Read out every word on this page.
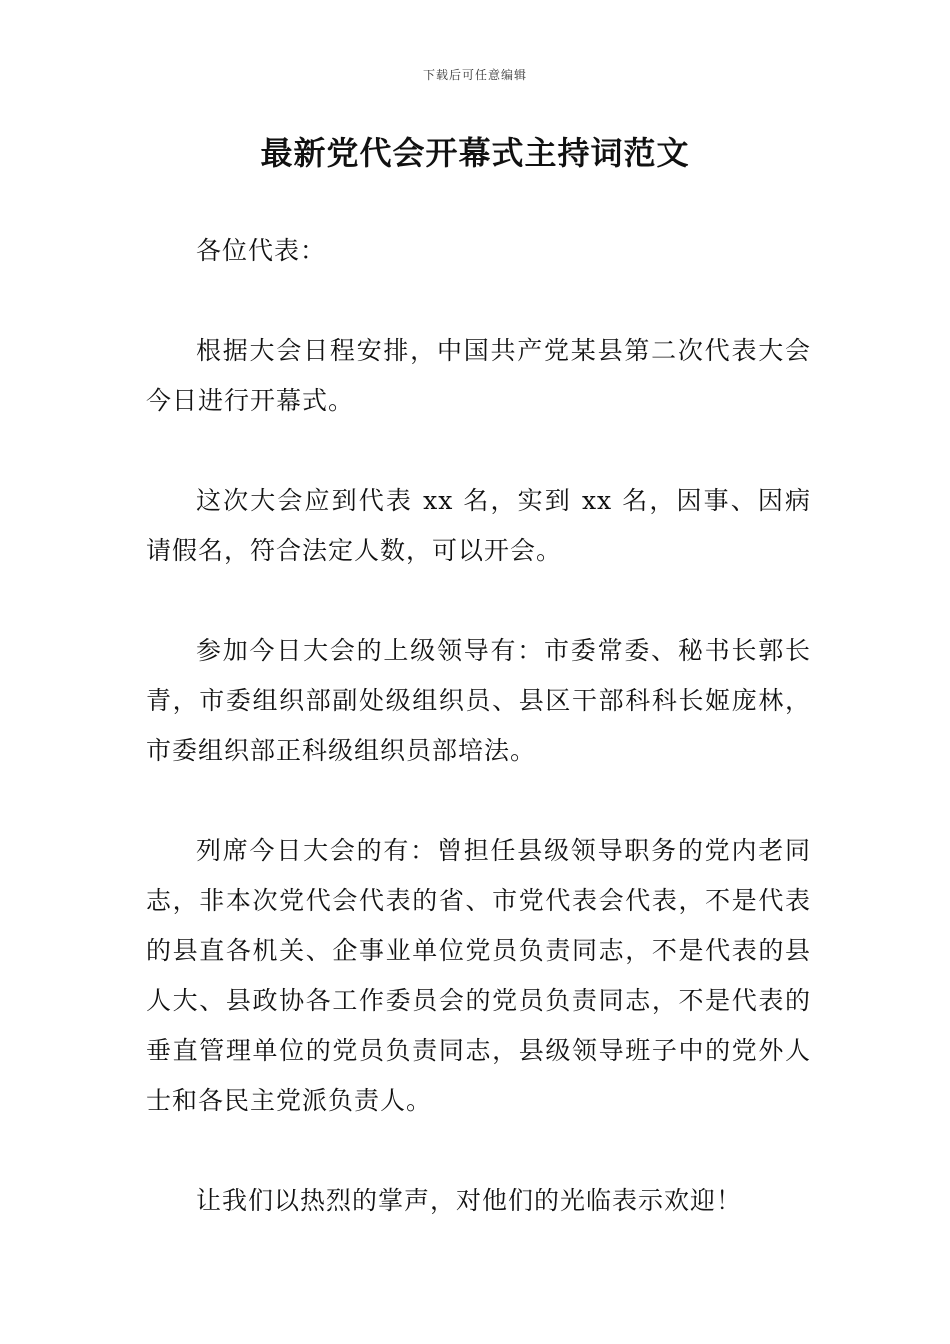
下载后可任意编辑
最新党代会开幕式主持词范文

各位代表：

根据大会日程安排，中国共产党某县第二次代表大会今日进行开幕式。

这次大会应到代表 xx 名，实到 xx 名，因事、因病请假名，符合法定人数，可以开会。

参加今日大会的上级领导有：市委常委、秘书长郭长青，市委组织部副处级组织员、县区干部科科长姬庞林，市委组织部正科级组织员部培法。

列席今日大会的有：曾担任县级领导职务的党内老同志，非本次党代会代表的省、市党代表会代表，不是代表的县直各机关、企事业单位党员负责同志，不是代表的县人大、县政协各工作委员会的党员负责同志，不是代表的垂直管理单位的党员负责同志，县级领导班子中的党外人士和各民主党派负责人。

让我们以热烈的掌声，对他们的光临表示欢迎！
